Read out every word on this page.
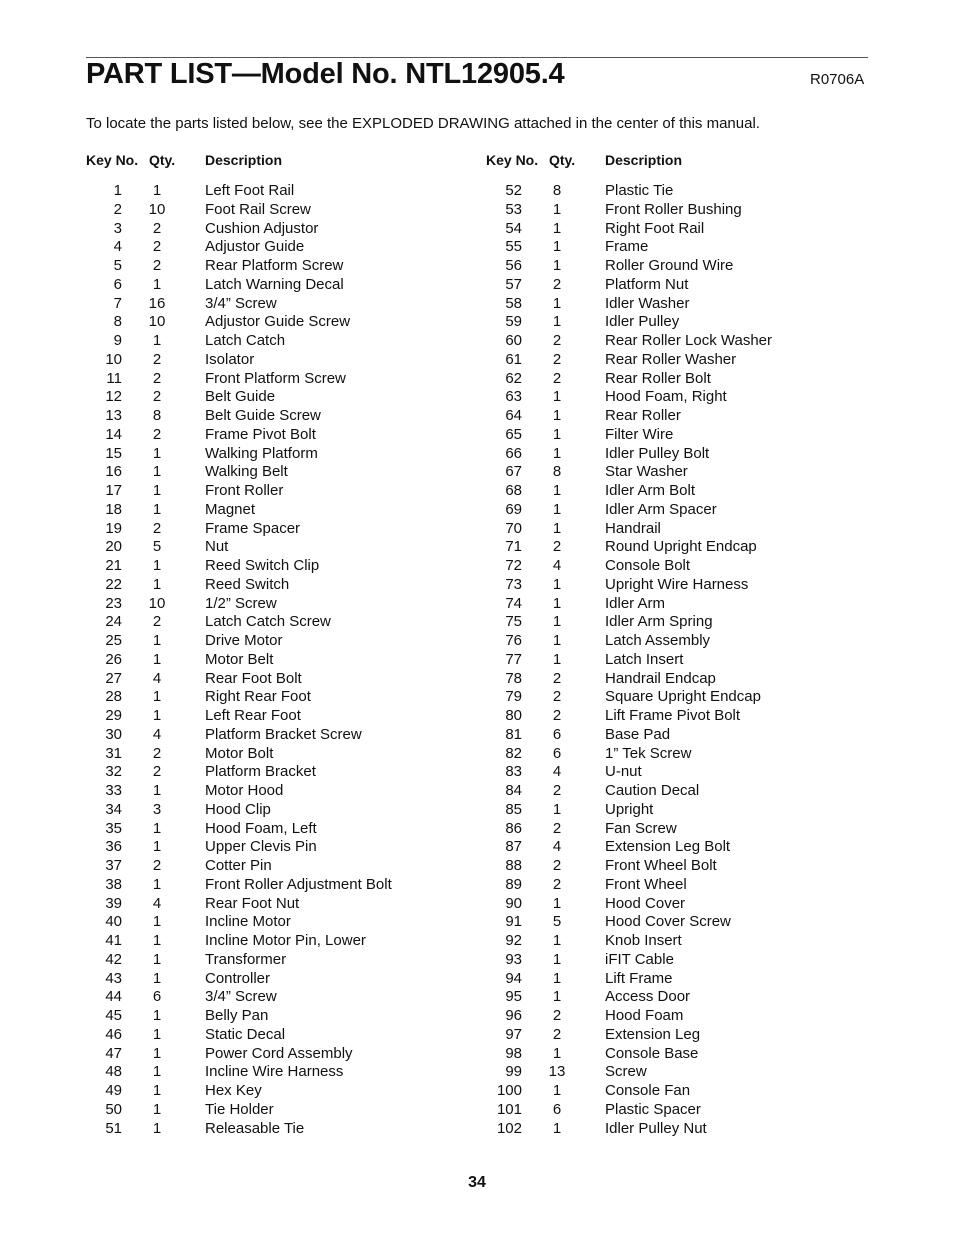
PART LIST—Model No. NTL12905.4	R0706A
To locate the parts listed below, see the EXPLODED DRAWING attached in the center of this manual.
Key No. Qty. Description
1	1	Left Foot Rail
2	10	Foot Rail Screw
3	2	Cushion Adjustor
4	2	Adjustor Guide
5	2	Rear Platform Screw
6	1	Latch Warning Decal
7	16	3/4” Screw
8	10	Adjustor Guide Screw
9	1	Latch Catch
10	2	Isolator
11	2	Front Platform Screw
12	2	Belt Guide
13	8	Belt Guide Screw
14	2	Frame Pivot Bolt
15	1	Walking Platform
16	1	Walking Belt
17	1	Front Roller
18	1	Magnet
19	2	Frame Spacer
20	5	Nut
21	1	Reed Switch Clip
22	1	Reed Switch
23	10	1/2” Screw
24	2	Latch Catch Screw
25	1	Drive Motor
26	1	Motor Belt
27	4	Rear Foot Bolt
28	1	Right Rear Foot
29	1	Left Rear Foot
30	4	Platform Bracket Screw
31	2	Motor Bolt
32	2	Platform Bracket
33	1	Motor Hood
34	3	Hood Clip
35	1	Hood Foam, Left
36	1	Upper Clevis Pin
37	2	Cotter Pin
38	1	Front Roller Adjustment Bolt
39	4	Rear Foot Nut
40	1	Incline Motor
41	1	Incline Motor Pin, Lower
42	1	Transformer
43	1	Controller
44	6	3/4” Screw
45	1	Belly Pan
46	1	Static Decal
47	1	Power Cord Assembly
48	1	Incline Wire Harness
49	1	Hex Key
50	1	Tie Holder
51	1	Releasable Tie
Key No. Qty. Description
52	8	Plastic Tie
53	1	Front Roller Bushing
54	1	Right Foot Rail
55	1	Frame
56	1	Roller Ground Wire
57	2	Platform Nut
58	1	Idler Washer
59	1	Idler Pulley
60	2	Rear Roller Lock Washer
61	2	Rear Roller Washer
62	2	Rear Roller Bolt
63	1	Hood Foam, Right
64	1	Rear Roller
65	1	Filter Wire
66	1	Idler Pulley Bolt
67	8	Star Washer
68	1	Idler Arm Bolt
69	1	Idler Arm Spacer
70	1	Handrail
71	2	Round Upright Endcap
72	4	Console Bolt
73	1	Upright Wire Harness
74	1	Idler Arm
75	1	Idler Arm Spring
76	1	Latch Assembly
77	1	Latch Insert
78	2	Handrail Endcap
79	2	Square Upright Endcap
80	2	Lift Frame Pivot Bolt
81	6	Base Pad
82	6	1” Tek Screw
83	4	U-nut
84	2	Caution Decal
85	1	Upright
86	2	Fan Screw
87	4	Extension Leg Bolt
88	2	Front Wheel Bolt
89	2	Front Wheel
90	1	Hood Cover
91	5	Hood Cover Screw
92	1	Knob Insert
93	1	iFIT Cable
94	1	Lift Frame
95	1	Access Door
96	2	Hood Foam
97	2	Extension Leg
98	1	Console Base
99	13	Screw
100	1	Console Fan
101	6	Plastic Spacer
102	1	Idler Pulley Nut
34
